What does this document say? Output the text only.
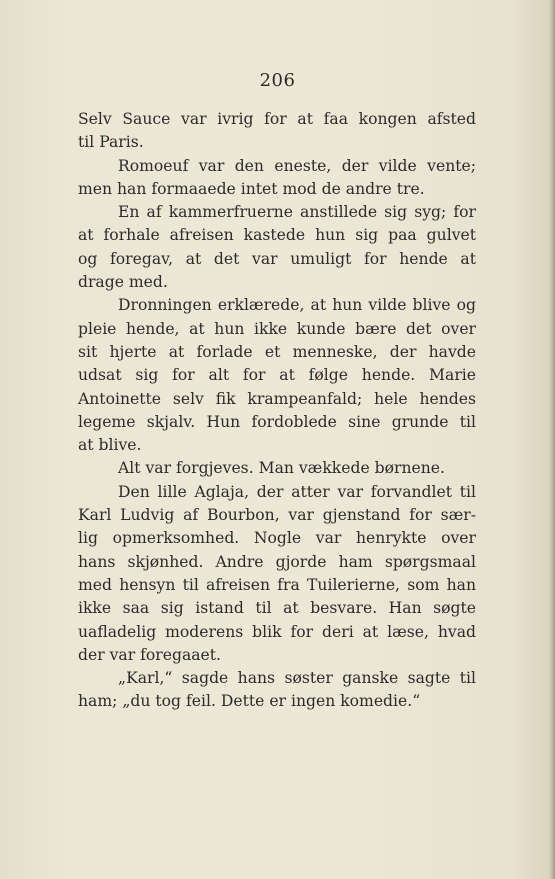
206
Selv Sauce var ivrig for at faa kongen afsted
til Paris.
Romoeuf var den eneste, der vilde vente;
men han formaaede intet mod de andre tre.
En af kammerfruerne anstillede sig syg; for
at forhale afreisen kastede hun sig paa gulvet
og foregav, at det var umuligt for hende at
drage med.
Dronningen erklærede, at hun vilde blive og
pleie hende, at hun ikke kunde bære det over
sit hjerte at forlade et menneske, der havde
udsat sig for alt for at følge hende. Marie
Antoinette selv fik krampeanfald; hele hendes
legeme skjalv. Hun fordoblede sine grunde til
at blive.
Alt var forgjeves. Man vækkede børnene.
Den lille Aglaja, der atter var forvandlet til
Karl Ludvig af Bourbon, var gjenstand for sær-
lig opmerksomhed. Nogle var henrykte over
hans skjønhed. Andre gjorde ham spørgsmaal
med hensyn til afreisen fra Tuilerierne, som han
ikke saa sig istand til at besvare. Han søgte
uafladelig moderens blik for deri at læse, hvad
der var foregaaet.
„Karl,“ sagde hans søster ganske sagte til
ham; „du tog feil. Dette er ingen komedie.“
